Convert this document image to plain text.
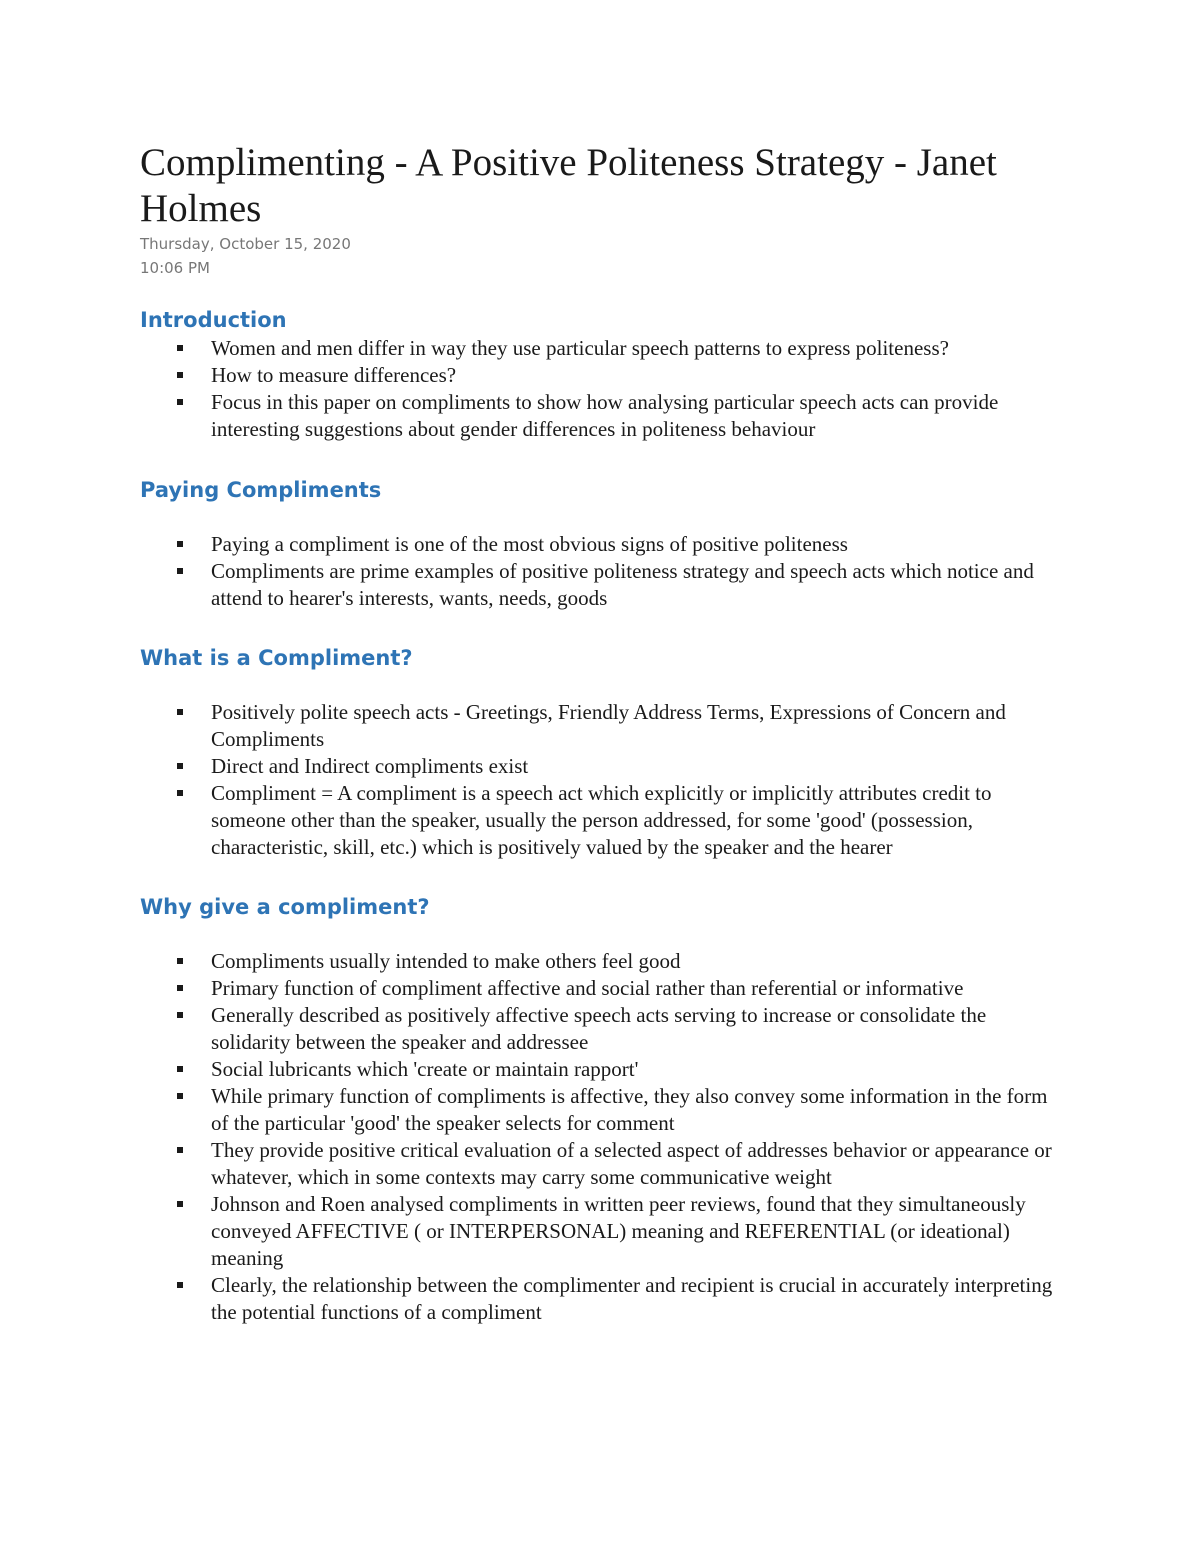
Complimenting - A Positive Politeness Strategy - Janet Holmes
Thursday, October 15, 2020
10:06 PM
Introduction
Women and men differ in way they use particular speech patterns to express politeness?
How to measure differences?
Focus in this paper on compliments to show how analysing particular speech acts can provide interesting suggestions about gender differences in politeness behaviour
Paying Compliments
Paying a compliment is one of the most obvious signs of positive politeness
Compliments are prime examples of positive politeness strategy and speech acts which notice and attend to hearer's interests, wants, needs, goods
What is a Compliment?
Positively polite speech acts - Greetings, Friendly Address Terms, Expressions of Concern and Compliments
Direct and Indirect compliments exist
Compliment = A compliment is a speech act which explicitly or implicitly attributes credit to someone other than the speaker, usually the person addressed, for some 'good' (possession, characteristic, skill, etc.) which is positively valued by the speaker and the hearer
Why give a compliment?
Compliments usually intended to make others feel good
Primary function of compliment affective and social rather than referential or informative
Generally described as positively affective speech acts serving to increase or consolidate the solidarity between the speaker and addressee
Social lubricants which 'create or maintain rapport'
While primary function of compliments is affective, they also convey some information in the form of the particular 'good' the speaker selects for comment
They provide positive critical evaluation of a selected aspect of addresses behavior or appearance or whatever, which in some contexts may carry some communicative weight
Johnson and Roen analysed compliments in written peer reviews, found that they simultaneously conveyed AFFECTIVE ( or INTERPERSONAL) meaning and REFERENTIAL (or ideational) meaning
Clearly, the relationship between the complimenter and recipient is crucial in accurately interpreting the potential functions of a compliment
